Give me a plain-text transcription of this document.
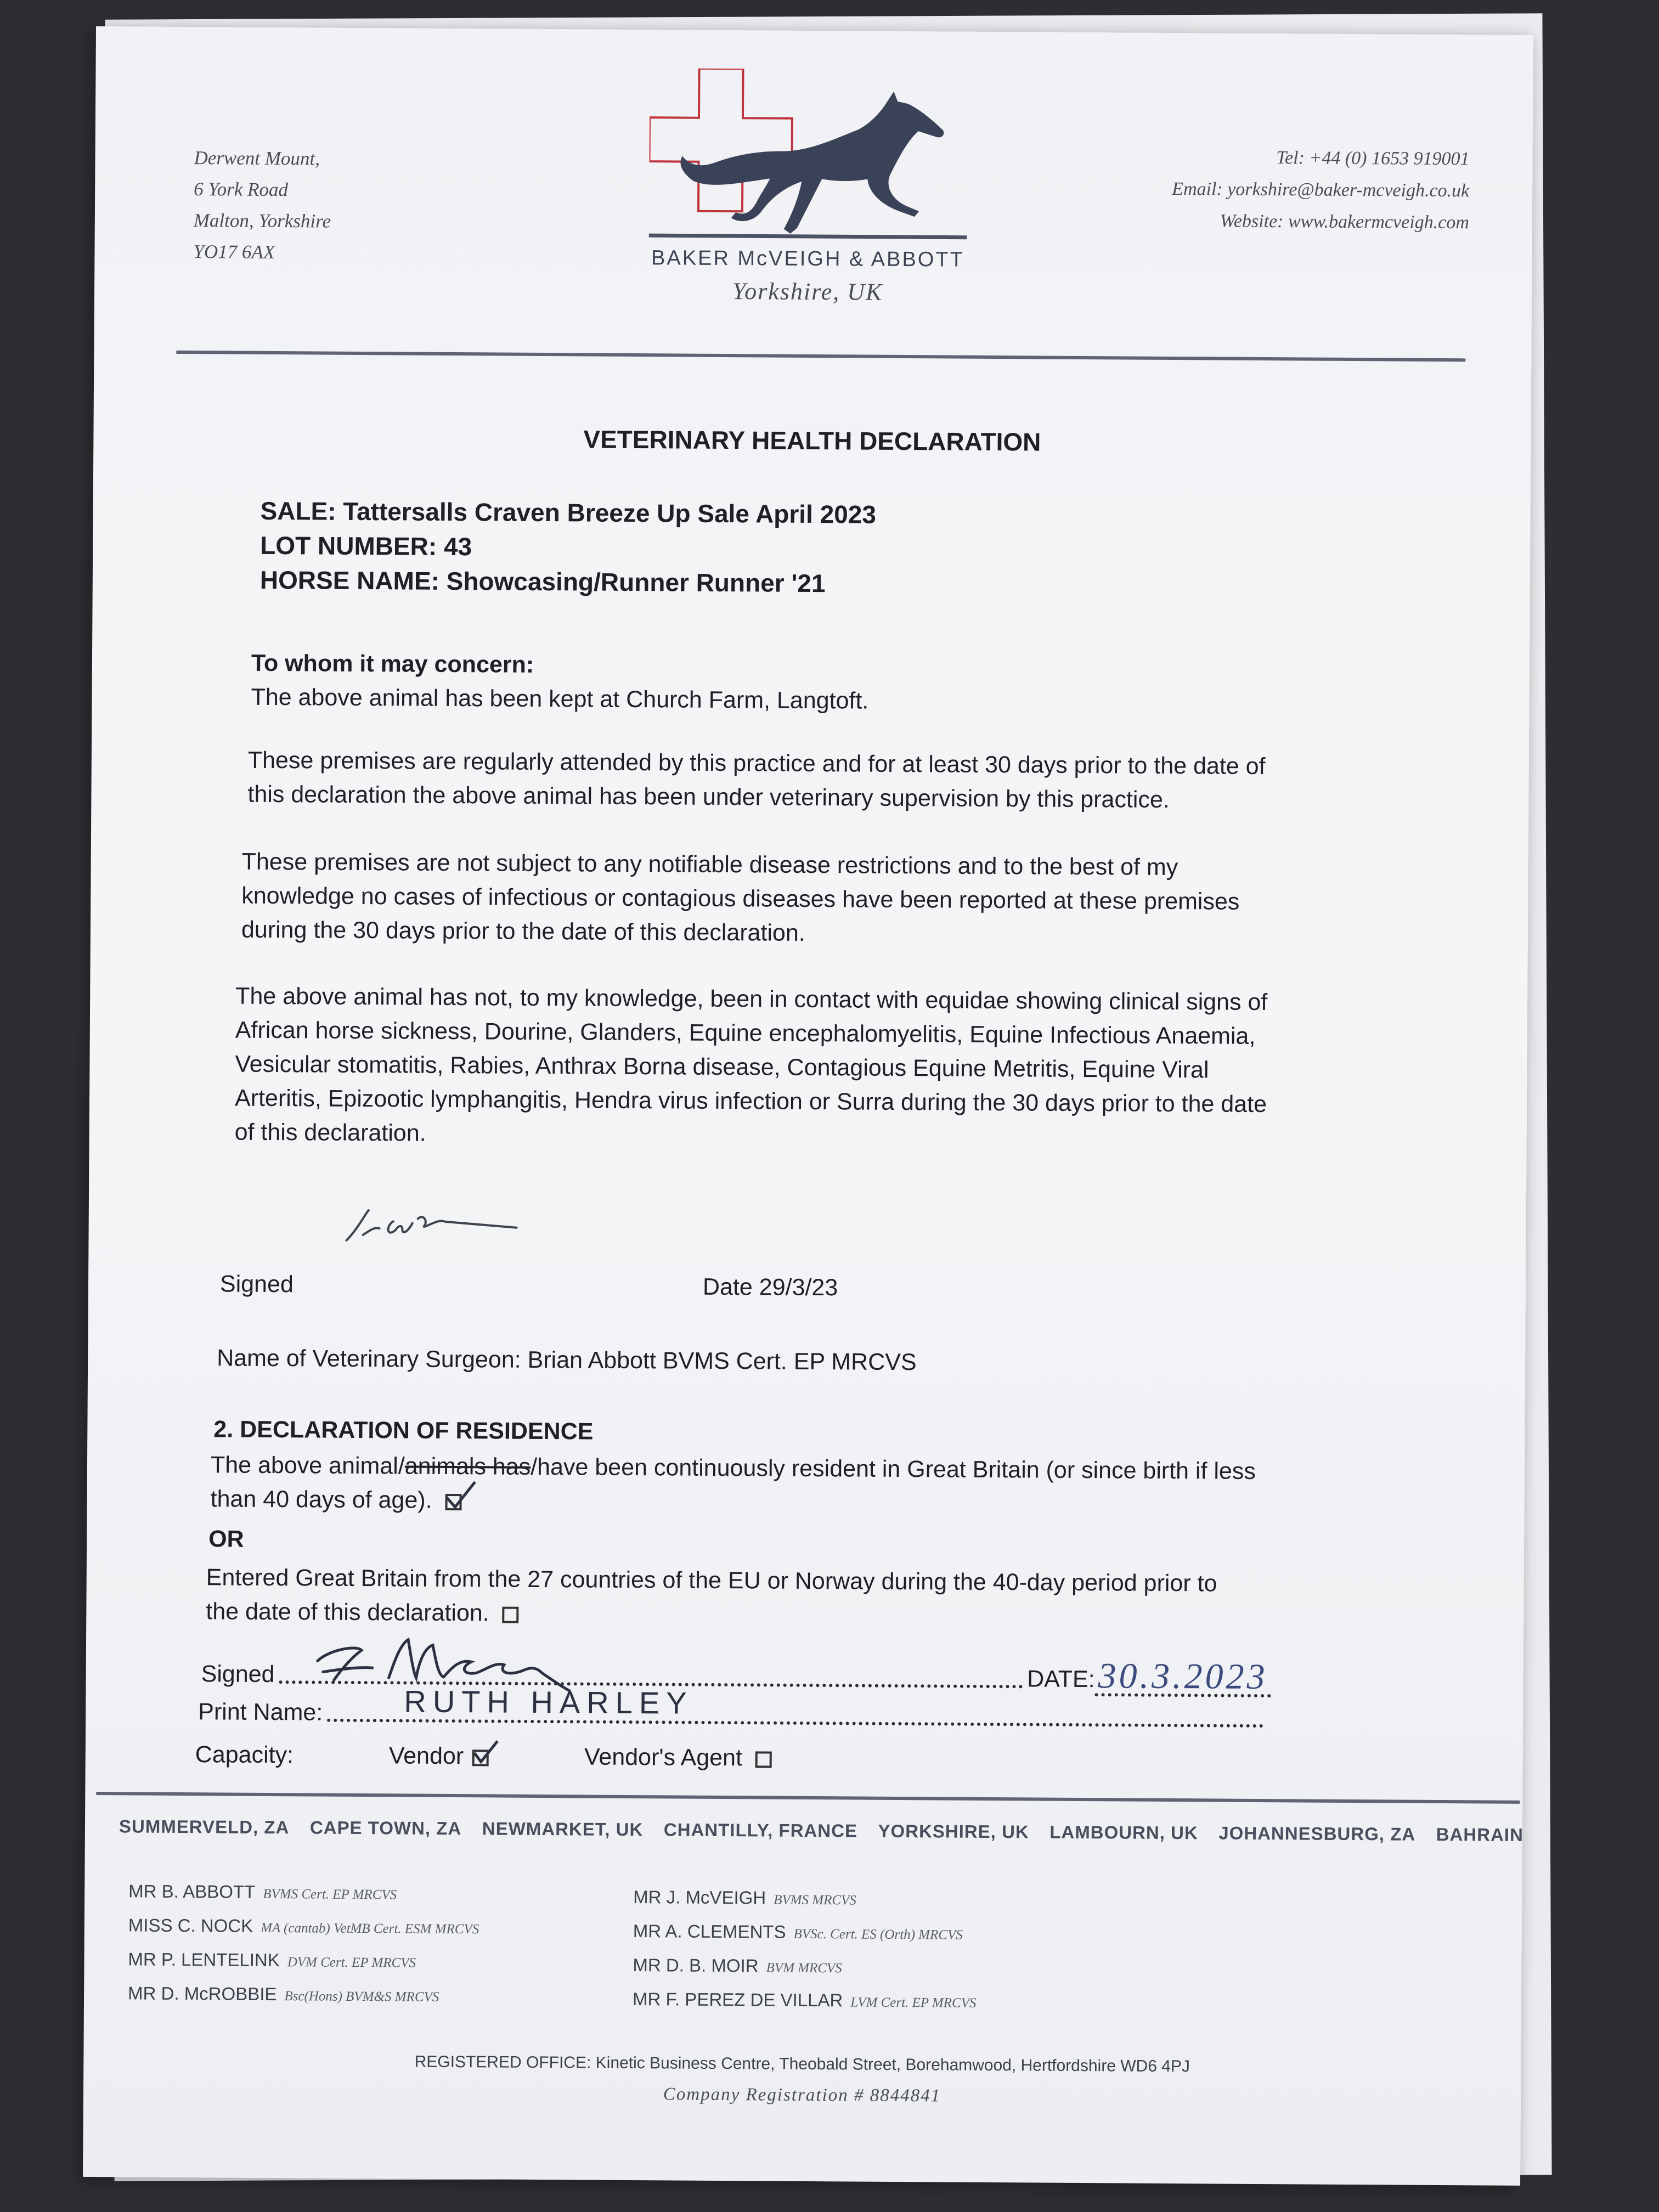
Derwent Mount,
6 York Road
Malton, Yorkshire
YO17 6AX	BAKER McVEIGH & ABBOTT
Yorkshire, UK
Tel: +44 (0) 1653 919001
Email: yorkshire@baker-mcveigh.co.uk
Website: www.bakermcveigh.com
VETERINARY HEALTH DECLARATION
SALE: Tattersalls Craven Breeze Up Sale April 2023
LOT NUMBER: 43
HORSE NAME: Showcasing/Runner Runner '21
To whom it may concern:
The above animal has been kept at Church Farm, Langtoft.
These premises are regularly attended by this practice and for at least 30 days prior to the date of
this declaration the above animal has been under veterinary supervision by this practice.
These premises are not subject to any notifiable disease restrictions and to the best of my
knowledge no cases of infectious or contagious diseases have been reported at these premises
during the 30 days prior to the date of this declaration.
The above animal has not, to my knowledge, been in contact with equidae showing clinical signs of
African horse sickness, Dourine, Glanders, Equine encephalomyelitis, Equine Infectious Anaemia,
Vesicular stomatitis, Rabies, Anthrax Borna disease, Contagious Equine Metritis, Equine Viral
Arteritis, Epizootic lymphangitis, Hendra virus infection or Surra during the 30 days prior to the date
of this declaration.
Signed	Date 29/3/23
Name of Veterinary Surgeon: Brian Abbott BVMS Cert. EP MRCVS
2. DECLARATION OF RESIDENCE
The above animal/animals has/have been continuously resident in Great Britain (or since birth if less
than 40 days of age).
OR
Entered Great Britain from the 27 countries of the EU or Norway during the 40-day period prior to
the date of this declaration.
Signed	DATE: 30.3.2023
Print Name:	RUTH HARLEY
Capacity:	Vendor	Vendor's Agent
SUMMERVELD, ZA CAPE TOWN, ZA NEWMARKET, UK CHANTILLY, FRANCE YORKSHIRE, UK LAMBOURN, UK JOHANNESBURG, ZA BAHRAIN
MR B. ABBOTT BVMS Cert. EP MRCVS
MISS C. NOCK MA (cantab) VetMB Cert. ESM MRCVS
MR P. LENTELINK DVM Cert. EP MRCVS
MR D. McROBBIE Bsc(Hons) BVM&S MRCVS
MR J. McVEIGH BVMS MRCVS
MR A. CLEMENTS BVSc. Cert. ES (Orth) MRCVS
MR D. B. MOIR BVM MRCVS
MR F. PEREZ DE VILLAR LVM Cert. EP MRCVS
REGISTERED OFFICE: Kinetic Business Centre, Theobald Street, Borehamwood, Hertfordshire WD6 4PJ
Company Registration # 8844841
